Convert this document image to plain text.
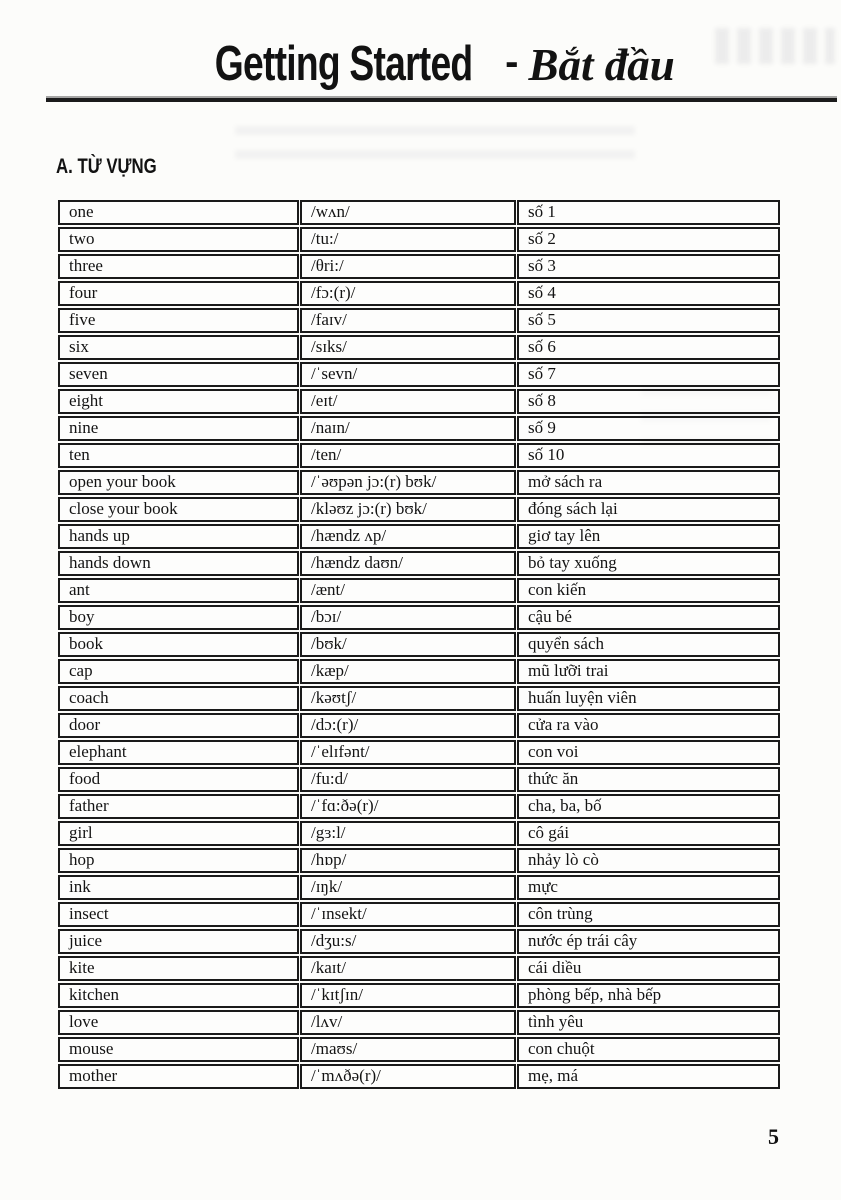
Getting Started - Bắt đầu
A. TỪ VỰNG
one	/wʌn/	số 1
two	/tu:/	số 2
three	/θri:/	số 3
four	/fɔ:(r)/	số 4
five	/faɪv/	số 5
six	/sɪks/	số 6
seven	/ˈsevn/	số 7
eight	/eɪt/	số 8
nine	/naɪn/	số 9
ten	/ten/	số 10
open your book	/ˈəʊpən jɔ:(r) bʊk/	mở sách ra
close your book	/kləʊz jɔ:(r) bʊk/	đóng sách lại
hands up	/hændz ʌp/	giơ tay lên
hands down	/hændz daʊn/	bỏ tay xuống
ant	/ænt/	con kiến
boy	/bɔɪ/	cậu bé
book	/bʊk/	quyển sách
cap	/kæp/	mũ lưỡi trai
coach	/kəʊtʃ/	huấn luyện viên
door	/dɔ:(r)/	cửa ra vào
elephant	/ˈelɪfənt/	con voi
food	/fu:d/	thức ăn
father	/ˈfɑ:ðə(r)/	cha, ba, bố
girl	/gɜ:l/	cô gái
hop	/hɒp/	nhảy lò cò
ink	/ɪŋk/	mực
insect	/ˈɪnsekt/	côn trùng
juice	/dʒu:s/	nước ép trái cây
kite	/kaɪt/	cái diều
kitchen	/ˈkɪtʃɪn/	phòng bếp, nhà bếp
love	/lʌv/	tình yêu
mouse	/maʊs/	con chuột
mother	/ˈmʌðə(r)/	mẹ, má
5
